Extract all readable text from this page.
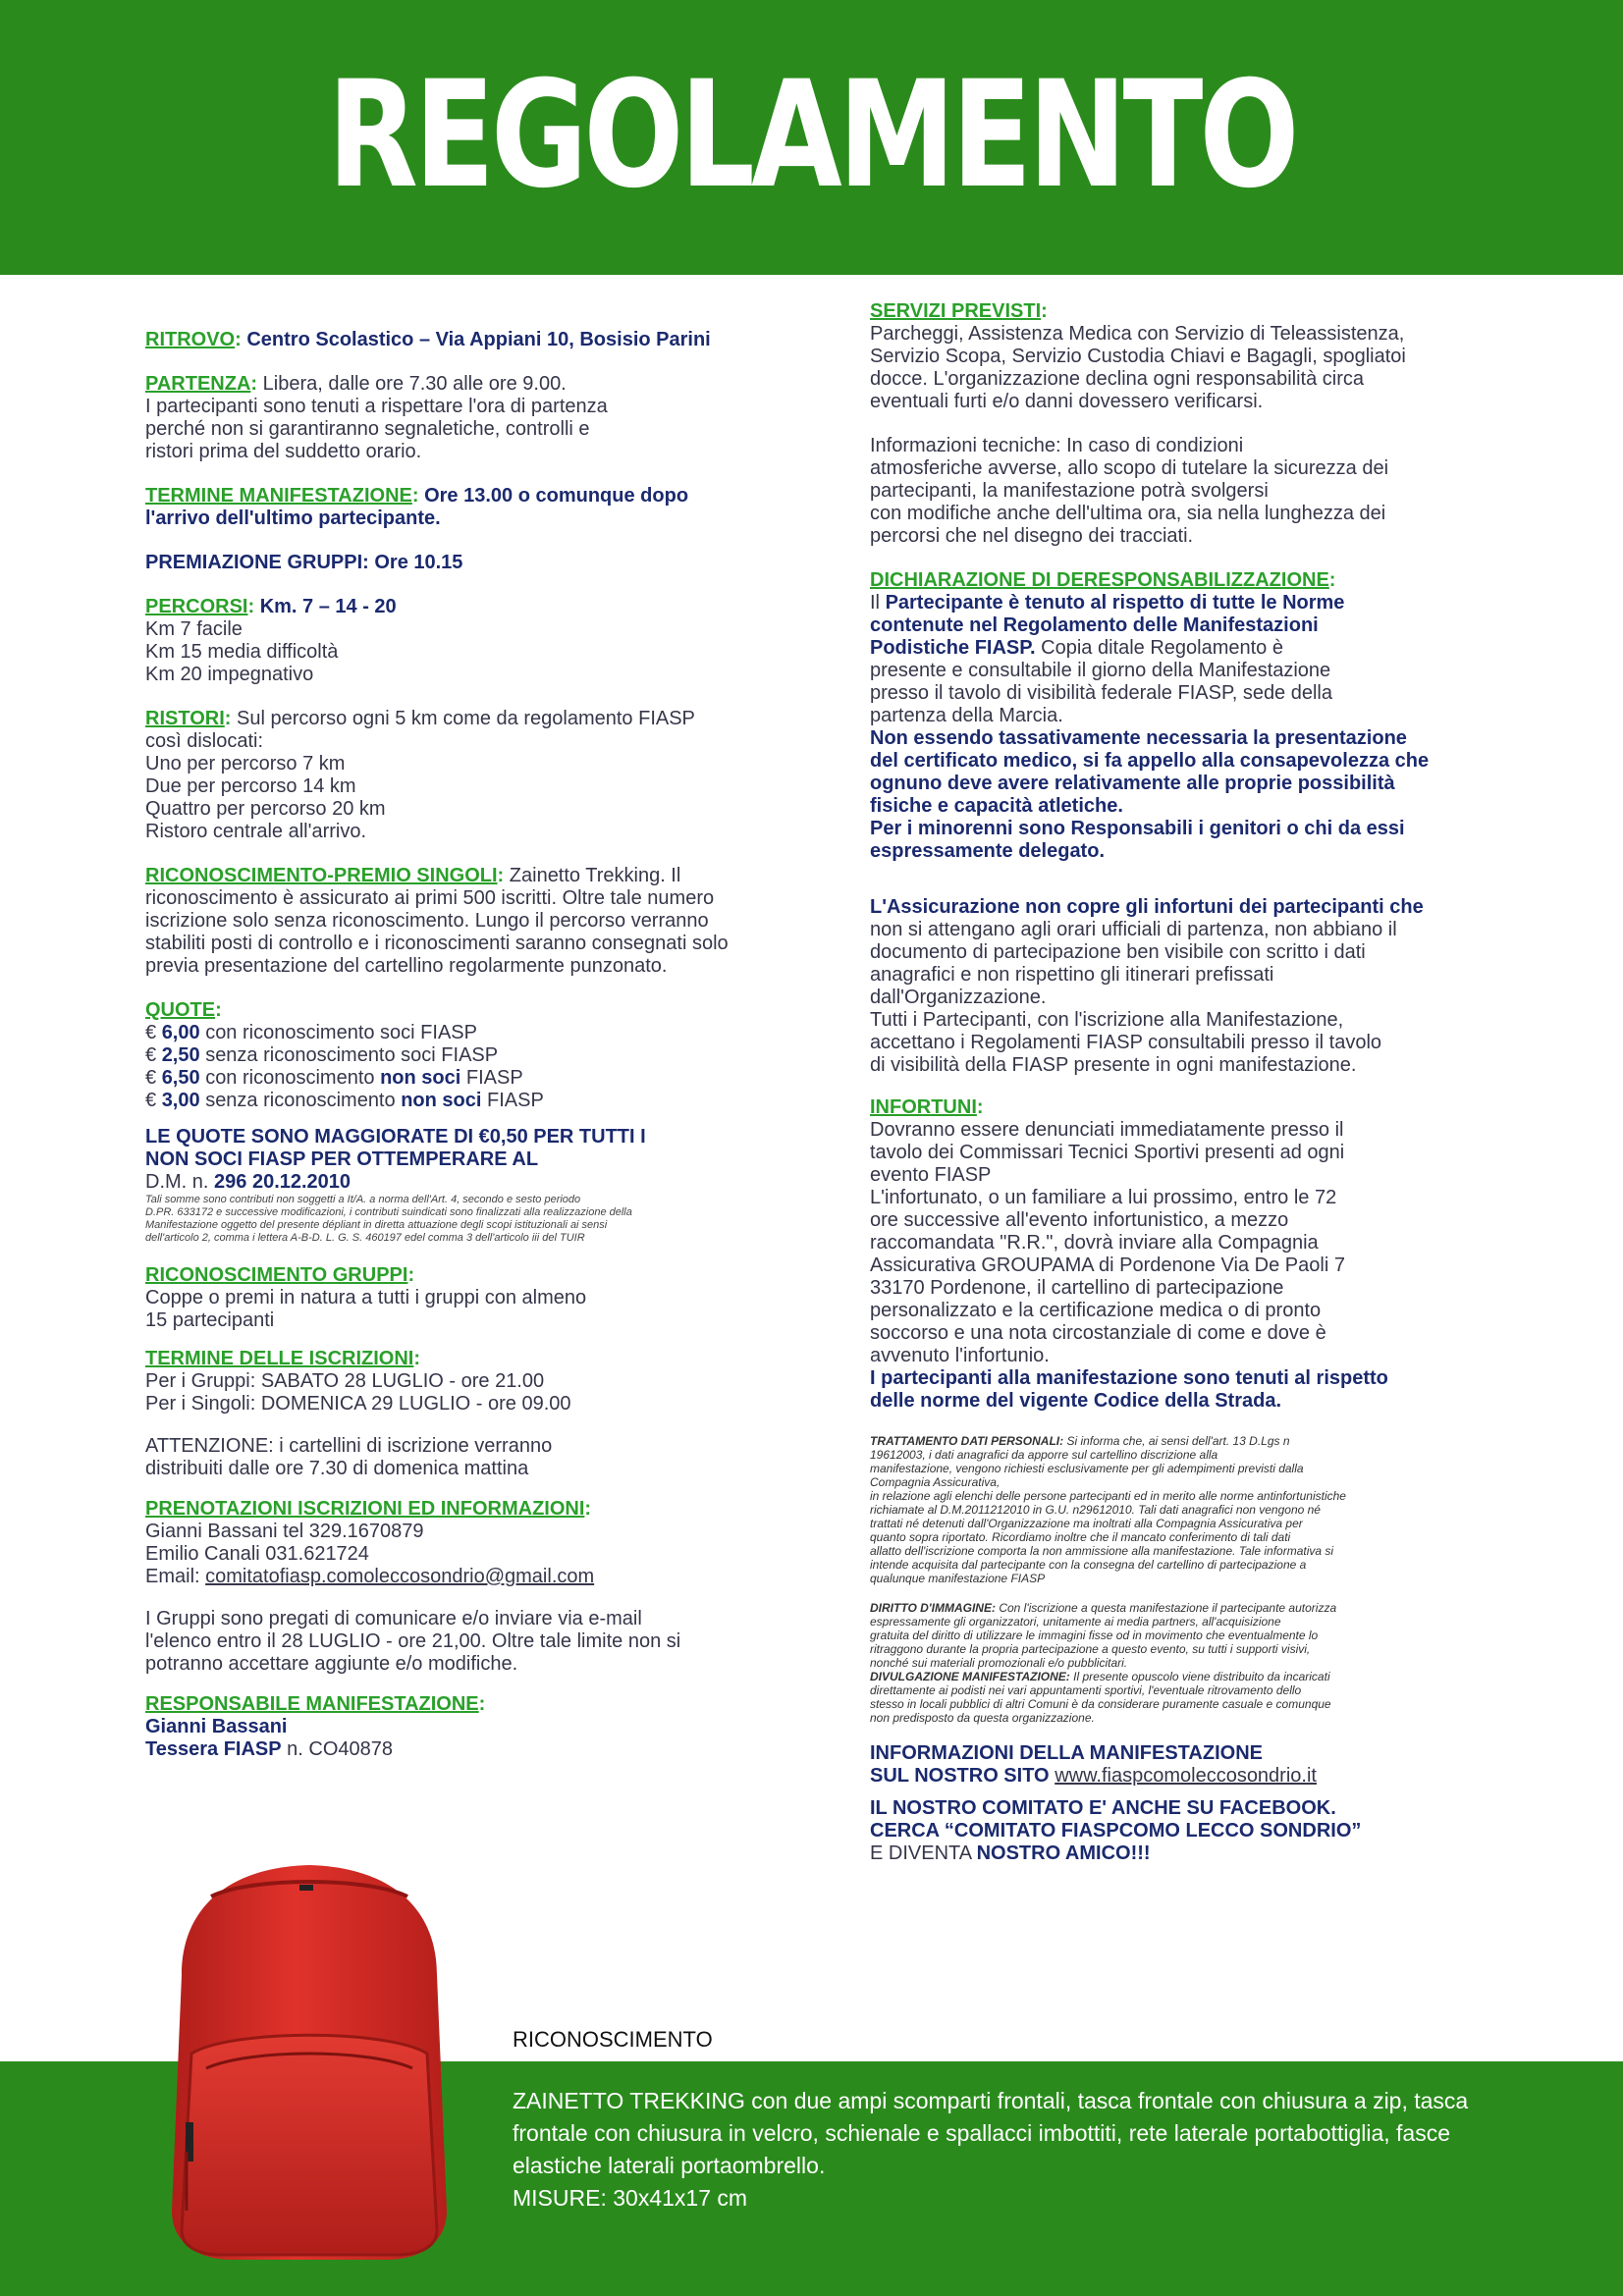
REGOLAMENTO
RITROVO: Centro Scolastico – Via Appiani 10, Bosisio Parini
PARTENZA: Libera, dalle ore 7.30 alle ore 9.00.
I partecipanti sono tenuti a rispettare l'ora di partenza
perché non si garantiranno segnaletiche, controlli e
ristori prima del suddetto orario.
TERMINE MANIFESTAZIONE: Ore 13.00 o comunque dopo
l'arrivo dell'ultimo partecipante.
PREMIAZIONE GRUPPI: Ore 10.15
PERCORSI: Km. 7 – 14 - 20
Km 7 facile
Km 15 media difficoltà
Km 20 impegnativo
RISTORI: Sul percorso ogni 5 km come da regolamento FIASP
così dislocati:
Uno per percorso 7 km
Due per percorso 14 km
Quattro per percorso 20 km
Ristoro centrale all'arrivo.
RICONOSCIMENTO-PREMIO SINGOLI: Zainetto Trekking. Il
riconoscimento è assicurato ai primi 500 iscritti. Oltre tale numero
iscrizione solo senza riconoscimento. Lungo il percorso verranno
stabiliti posti di controllo e i riconoscimenti saranno consegnati solo
previa presentazione del cartellino regolarmente punzonato.
QUOTE:
€ 6,00 con riconoscimento soci FIASP
€ 2,50 senza riconoscimento soci FIASP
€ 6,50 con riconoscimento non soci FIASP
€ 3,00 senza riconoscimento non soci FIASP
LE QUOTE SONO MAGGIORATE DI €0,50 PER TUTTI I
NON SOCI FIASP PER OTTEMPERARE AL
D.M. n. 296 20.12.2010
Tali somme sono contributi non soggetti a It/A. a norma dell'Art. 4, secondo e sesto periodo
D.PR. 633172 e successive modificazioni, i contributi suindicati sono finalizzati alla realizzazione della
Manifestazione oggetto del presente dépliant in diretta attuazione degli scopi istituzionali ai sensi
dell'articolo 2, comma i lettera A-B-D. L. G. S. 460197 edel comma 3 dell'articolo iii del TUIR
RICONOSCIMENTO GRUPPI:
Coppe o premi in natura a tutti i gruppi con almeno
15 partecipanti
TERMINE DELLE ISCRIZIONI:
Per i Gruppi: SABATO 28 LUGLIO - ore 21.00
Per i Singoli: DOMENICA 29 LUGLIO - ore 09.00
ATTENZIONE: i cartellini di iscrizione verranno
distribuiti dalle ore 7.30 di domenica mattina
PRENOTAZIONI ISCRIZIONI ED INFORMAZIONI:
Gianni Bassani tel 329.1670879
Emilio Canali 031.621724
Email: comitatofiasp.comoleccosondrio@gmail.com
I Gruppi sono pregati di comunicare e/o inviare via e-mail
l'elenco entro il 28 LUGLIO - ore 21,00. Oltre tale limite non si
potranno accettare aggiunte e/o modifiche.
RESPONSABILE MANIFESTAZIONE:
Gianni Bassani
Tessera FIASP n. CO40878
SERVIZI PREVISTI:
Parcheggi, Assistenza Medica con Servizio di Teleassistenza,
Servizio Scopa, Servizio Custodia Chiavi e Bagagli, spogliatoi
docce. L'organizzazione declina ogni responsabilità circa
eventuali furti e/o danni dovessero verificarsi.
Informazioni tecniche: In caso di condizioni
atmosferiche avverse, allo scopo di tutelare la sicurezza dei
partecipanti, la manifestazione potrà svolgersi
con modifiche anche dell'ultima ora, sia nella lunghezza dei
percorsi che nel disegno dei tracciati.
DICHIARAZIONE DI DERESPONSABILIZZAZIONE:
Il Partecipante è tenuto al rispetto di tutte le Norme
contenute nel Regolamento delle Manifestazioni
Podistiche FIASP. Copia ditale Regolamento è
presente e consultabile il giorno della Manifestazione
presso il tavolo di visibilità federale FIASP, sede della
partenza della Marcia.
Non essendo tassativamente necessaria la presentazione
del certificato medico, si fa appello alla consapevolezza che
ognuno deve avere relativamente alle proprie possibilità
fisiche e capacità atletiche.
Per i minorenni sono Responsabili i genitori o chi da essi
espressamente delegato.
L'Assicurazione non copre gli infortuni dei partecipanti che
non si attengano agli orari ufficiali di partenza, non abbiano il
documento di partecipazione ben visibile con scritto i dati
anagrafici e non rispettino gli itinerari prefissati
dall'Organizzazione.
Tutti i Partecipanti, con l'iscrizione alla Manifestazione,
accettano i Regolamenti FIASP consultabili presso il tavolo
di visibilità della FIASP presente in ogni manifestazione.
INFORTUNI:
Dovranno essere denunciati immediatamente presso il
tavolo dei Commissari Tecnici Sportivi presenti ad ogni
evento FIASP
L'infortunato, o un familiare a lui prossimo, entro le 72
ore successive all'evento infortunistico, a mezzo
raccomandata "R.R.", dovrà inviare alla Compagnia
Assicurativa GROUPAMA di Pordenone Via De Paoli 7
33170 Pordenone, il cartellino di partecipazione
personalizzato e la certificazione medica o di pronto
soccorso e una nota circostanziale di come e dove è
avvenuto l'infortunio.
I partecipanti alla manifestazione sono tenuti al rispetto
delle norme del vigente Codice della Strada.
TRATTAMENTO DATI PERSONALI: Si informa che, ai sensi dell'art. 13 D.Lgs n
19612003, i dati anagrafici da apporre sul cartellino discrizione alla
manifestazione, vengono richiesti esclusivamente per gli adempimenti previsti dalla
Compagnia Assicurativa,
in relazione agli elenchi delle persone partecipanti ed in merito alle norme antinfortunistiche
richiamate al D.M.2011212010 in G.U. n29612010. Tali dati anagrafici non vengono né
trattati né detenuti dall'Organizzazione ma inoltrati alla Compagnia Assicurativa per
quanto sopra riportato. Ricordiamo inoltre che il mancato conferimento di tali dati
allatto dell'iscrizione comporta la non ammissione alla manifestazione. Tale informativa si
intende acquisita dal partecipante con la consegna del cartellino di partecipazione a
qualunque manifestazione FIASP
DIRITTO D'IMMAGINE: Con l'iscrizione a questa manifestazione il partecipante autorizza
espressamente gli organizzatori, unitamente ai media partners, all'acquisizione
gratuita del diritto di utilizzare le immagini fisse od in movimento che eventualmente lo
ritraggono durante la propria partecipazione a questo evento, su tutti i supporti visivi,
nonché sui materiali promozionali e/o pubblicitari.
DIVULGAZIONE MANIFESTAZIONE: Il presente opuscolo viene distribuito da incaricati
direttamente ai podisti nei vari appuntamenti sportivi, l'eventuale ritrovamento dello
stesso in locali pubblici di altri Comuni è da considerare puramente casuale e comunque
non predisposto da questa organizzazione.
INFORMAZIONI DELLA MANIFESTAZIONE
SUL NOSTRO SITO www.fiaspcomoleccosondrio.it
IL NOSTRO COMITATO E' ANCHE SU FACEBOOK.
CERCA “COMITATO FIASPCOMO LECCO SONDRIO”
E DIVENTA NOSTRO AMICO!!!
RICONOSCIMENTO
ZAINETTO TREKKING con due ampi scomparti frontali, tasca frontale con chiusura a zip, tasca frontale con chiusura in velcro, schienale e spallacci imbottiti, rete laterale portabottiglia, fasce elastiche laterali portaombrello.
MISURE: 30x41x17 cm
